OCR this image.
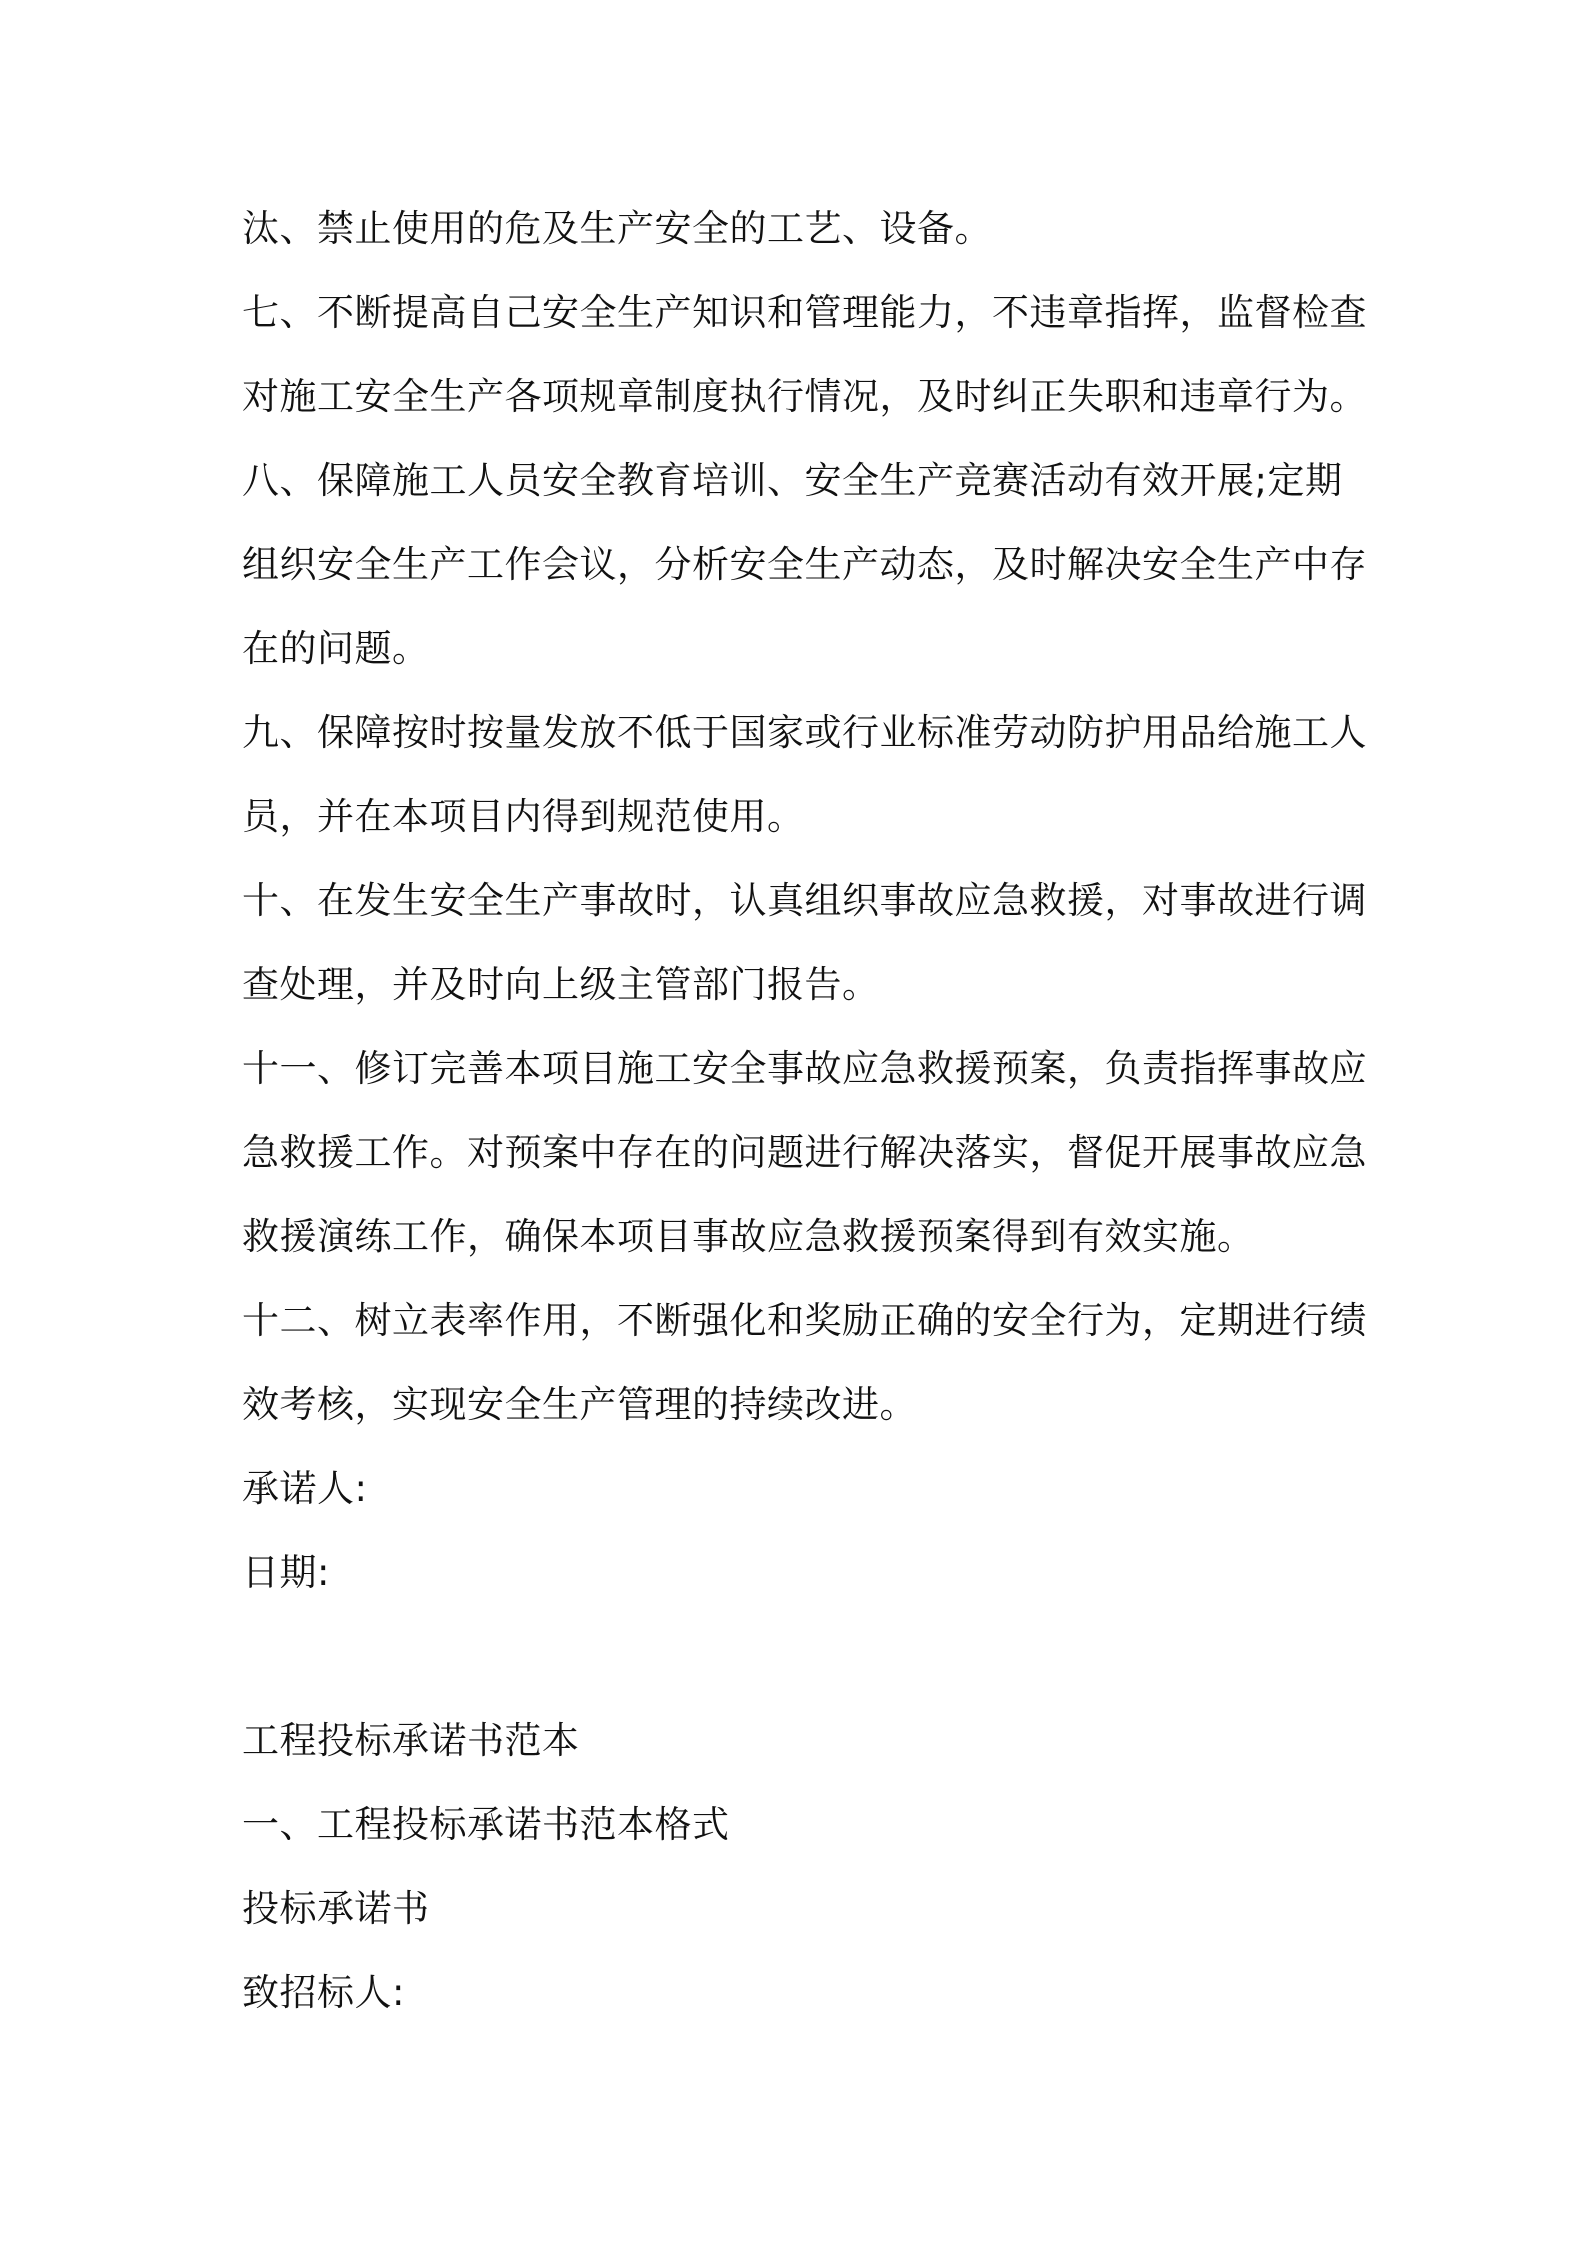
汰、禁止使用的危及生产安全的工艺、设备。
七、不断提高自己安全生产知识和管理能力，不违章指挥，监督检查
对施工安全生产各项规章制度执行情况，及时纠正失职和违章行为。
八、保障施工人员安全教育培训、安全生产竞赛活动有效开展;定期
组织安全生产工作会议，分析安全生产动态，及时解决安全生产中存
在的问题。
九、保障按时按量发放不低于国家或行业标准劳动防护用品给施工人
员，并在本项目内得到规范使用。
十、在发生安全生产事故时，认真组织事故应急救援，对事故进行调
查处理，并及时向上级主管部门报告。
十一、修订完善本项目施工安全事故应急救援预案，负责指挥事故应
急救援工作。对预案中存在的问题进行解决落实，督促开展事故应急
救援演练工作，确保本项目事故应急救援预案得到有效实施。
十二、树立表率作用，不断强化和奖励正确的安全行为，定期进行绩
效考核，实现安全生产管理的持续改进。
承诺人:
日期:
工程投标承诺书范本
一、工程投标承诺书范本格式
投标承诺书
致招标人:
